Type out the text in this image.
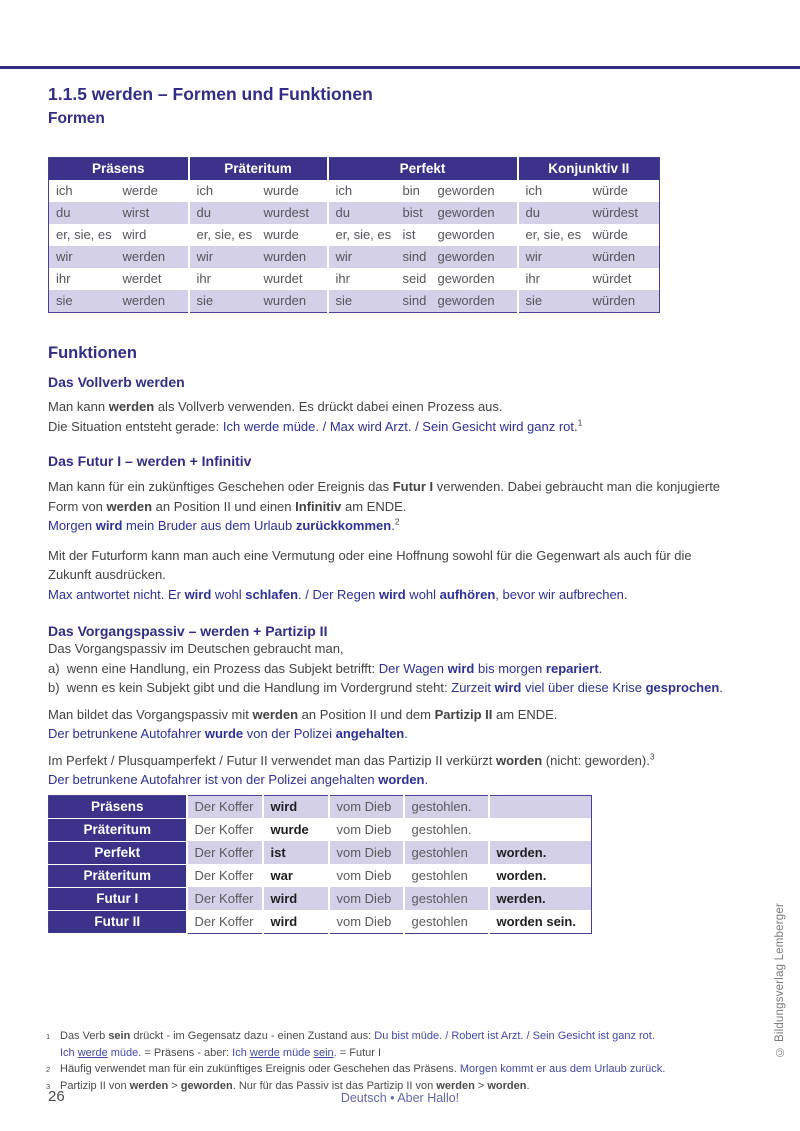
1.1.5 werden – Formen und Funktionen
Formen
Präsens		Präteritum		Perfekt			Konjunktiv II	
ich	werde	ich	wurde	ich	bin	geworden	ich	würde
du	wirst	du	wurdest	du	bist	geworden	du	würdest
er, sie, es	wird	er, sie, es	wurde	er, sie, es	ist	geworden	er, sie, es	würde
wir	werden	wir	wurden	wir	sind	geworden	wir	würden
ihr	werdet	ihr	wurdet	ihr	seid	geworden	ihr	würdet
sie	werden	sie	wurden	sie	sind	geworden	sie	würden
Funktionen
Das Vollverb werden
Man kann werden als Vollverb verwenden. Es drückt dabei einen Prozess aus.
Die Situation entsteht gerade: Ich werde müde. / Max wird Arzt. / Sein Gesicht wird ganz rot.$^1$
Das Futur I – werden + Infinitiv
Man kann für ein zukünftiges Geschehen oder Ereignis das Futur I verwenden. Dabei gebraucht man die konjugierte
Form von werden an Position II und einen Infinitiv am ENDE.
Morgen wird mein Bruder aus dem Urlaub zurückkommen.$^2$
Mit der Futurform kann man auch eine Vermutung oder eine Hoffnung sowohl für die Gegenwart als auch für die
Zukunft ausdrücken.
Max antwortet nicht. Er wird wohl schlafen. / Der Regen wird wohl aufhören, bevor wir aufbrechen.
Das Vorgangspassiv – werden + Partizip II
Das Vorgangspassiv im Deutschen gebraucht man,
a)  wenn eine Handlung, ein Prozess das Subjekt betrifft: Der Wagen wird bis morgen repariert.
b)  wenn es kein Subjekt gibt und die Handlung im Vordergrund steht: Zurzeit wird viel über diese Krise gesprochen.
Man bildet das Vorgangspassiv mit werden an Position II und dem Partizip II am ENDE.
Der betrunkene Autofahrer wurde von der Polizei angehalten.
Im Perfekt / Plusquamperfekt / Futur II verwendet man das Partizip II verkürzt worden (nicht: geworden).$^3$
Der betrunkene Autofahrer ist von der Polizei angehalten worden.
Präsens	Der Koffer	wird	vom Dieb	gestohlen.	
Präteritum	Der Koffer	wurde	vom Dieb	gestohlen.	
Perfekt	Der Koffer	ist	vom Dieb	gestohlen	worden.
Präteritum	Der Koffer	war	vom Dieb	gestohlen	worden.
Futur I	Der Koffer	wird	vom Dieb	gestohlen	werden.
Futur II	Der Koffer	wird	vom Dieb	gestohlen	worden sein.
1 Das Verb sein drückt - im Gegensatz dazu - einen Zustand aus: Du bist müde. / Robert ist Arzt. / Sein Gesicht ist ganz rot.
Ich werde müde. = Präsens - aber: Ich werde müde sein. = Futur I
2 Häufig verwendet man für ein zukünftiges Ereignis oder Geschehen das Präsens. Morgen kommt er aus dem Urlaub zurück.
3 Partizip II von werden > geworden. Nur für das Passiv ist das Partizip II von werden > worden.
26	Deutsch • Aber Hallo!
© Bildungsverlag Lemberger
